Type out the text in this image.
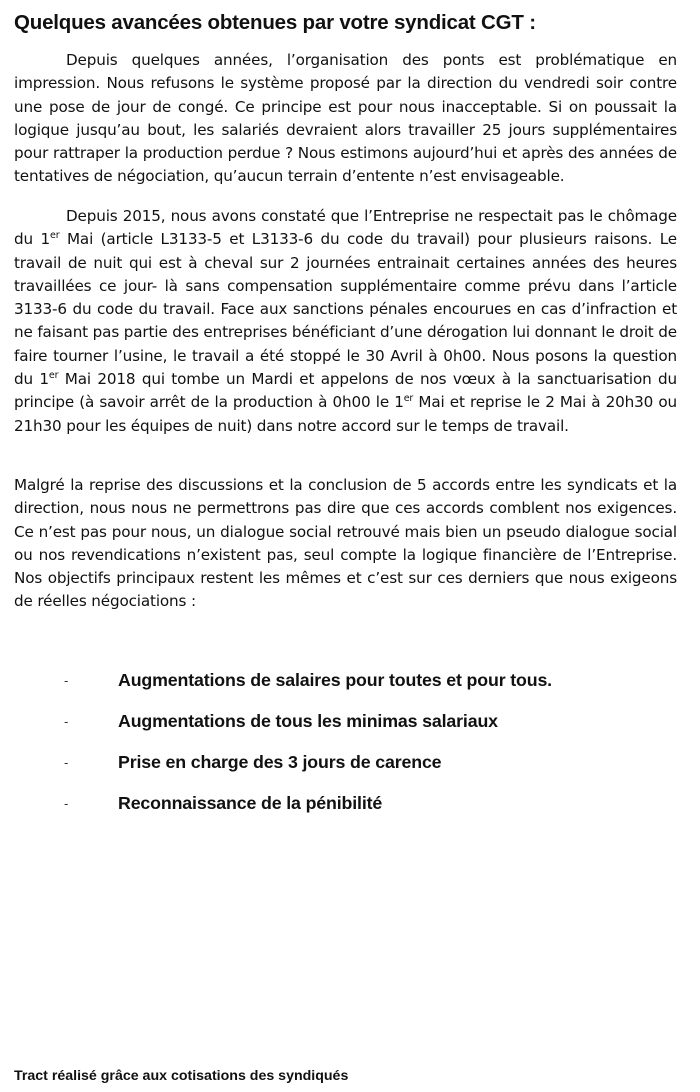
Quelques avancées obtenues par votre syndicat CGT :

Depuis quelques années, l’organisation des ponts est problématique en impression. Nous refusons le système proposé par la direction du vendredi soir contre une pose de jour de congé. Ce principe est pour nous inacceptable. Si on poussait la logique jusqu’au bout, les salariés devraient alors travailler 25 jours supplémentaires pour rattraper la production perdue ? Nous estimons aujourd’hui et après des années de tentatives de négociation, qu’aucun terrain d’entente n’est envisageable.

Depuis 2015, nous avons constaté que l’Entreprise ne respectait pas le chômage du 1er Mai (article L3133-5 et L3133-6 du code du travail) pour plusieurs raisons. Le travail de nuit qui est à cheval sur 2 journées entrainait certaines années des heures travaillées ce jour- là sans compensation supplémentaire comme prévu dans l’article 3133-6 du code du travail. Face aux sanctions pénales encourues en cas d’infraction et ne faisant pas partie des entreprises bénéficiant d’une dérogation lui donnant le droit de faire tourner l’usine, le travail a été stoppé le 30 Avril à 0h00. Nous posons la question du 1er Mai 2018 qui tombe un Mardi et appelons de nos vœux à la sanctuarisation du principe (à savoir arrêt de la production à 0h00 le 1er Mai et reprise le 2 Mai à 20h30 ou 21h30 pour les équipes de nuit) dans notre accord sur le temps de travail.

Malgré la reprise des discussions et la conclusion de 5 accords entre les syndicats et la direction, nous nous ne permettrons pas dire que ces accords comblent nos exigences. Ce n’est pas pour nous, un dialogue social retrouvé mais bien un pseudo dialogue social ou nos revendications n’existent pas, seul compte la logique financière de l’Entreprise. Nos objectifs principaux restent les mêmes et c’est sur ces derniers que nous exigeons de réelles négociations :

-	Augmentations de salaires pour toutes et pour tous.
-	Augmentations de tous les minimas salariaux
-	Prise en charge des 3 jours de carence
-	Reconnaissance de la pénibilité

Tract réalisé grâce aux cotisations des syndiqués
